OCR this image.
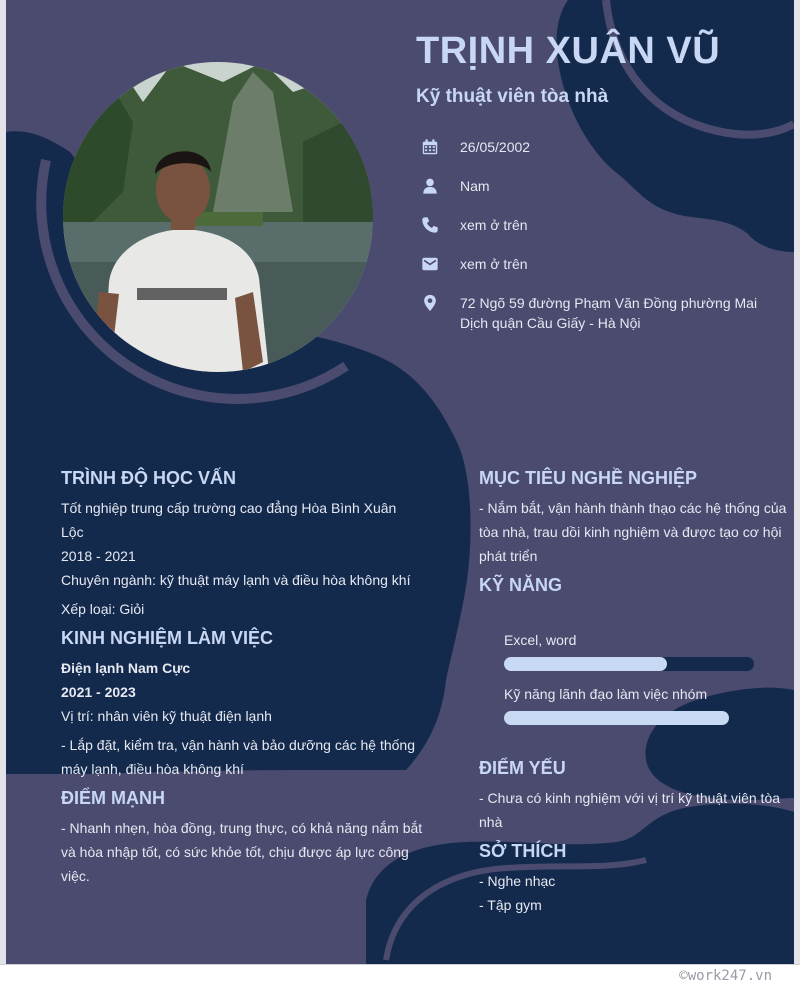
TRỊNH XUÂN VŨ
Kỹ thuật viên tòa nhà
26/05/2002
Nam
xem ở trên
xem ở trên
72 Ngõ 59 đường Phạm Văn Đồng phường Mai
Dịch quận Cầu Giấy - Hà Nội
TRÌNH ĐỘ HỌC VẤN
Tốt nghiệp trung cấp trường cao đẳng Hòa Bình Xuân
Lộc
2018 - 2021
Chuyên ngành: kỹ thuật máy lạnh và điều hòa không khí
Xếp loại: Giỏi
KINH NGHIỆM LÀM VIỆC
Điện lạnh Nam Cực
2021 - 2023
Vị trí: nhân viên kỹ thuật điện lạnh
- Lắp đặt, kiểm tra, vận hành và bảo dưỡng các hệ thống
máy lạnh, điều hòa không khí
ĐIỂM MẠNH
- Nhanh nhẹn, hòa đồng, trung thực, có khả năng nắm bắt
và hòa nhập tốt, có sức khỏe tốt, chịu được áp lực công
việc.
MỤC TIÊU NGHỀ NGHIỆP
- Nắm bắt, vận hành thành thạo các hệ thống của
tòa nhà, trau dồi kinh nghiệm và được tạo cơ hội
phát triển
KỸ NĂNG
Excel, word
Kỹ năng lãnh đạo làm việc nhóm
ĐIỂM YẾU
- Chưa có kinh nghiệm với vị trí kỹ thuật viên tòa
nhà
SỞ THÍCH
- Nghe nhạc
- Tập gym
©work247.vn
